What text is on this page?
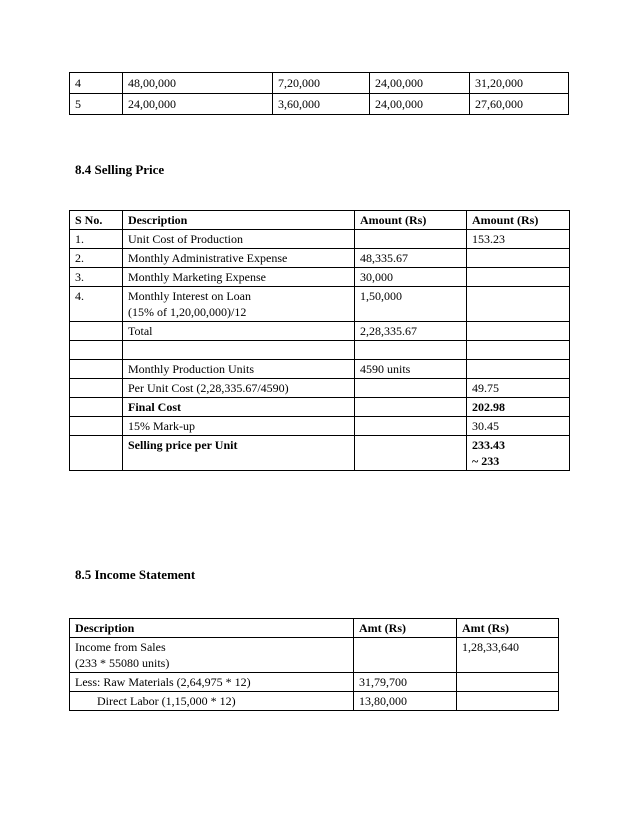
4	48,00,000	7,20,000	24,00,000	31,20,000
5	24,00,000	3,60,000	24,00,000	27,60,000

8.4 Selling Price

S No.	Description	Amount (Rs)	Amount (Rs)
1.	Unit Cost of Production		153.23
2.	Monthly Administrative Expense	48,335.67	
3.	Monthly Marketing Expense	30,000	
4.	Monthly Interest on Loan
(15% of 1,20,00,000)/12	1,50,000	
	Total	2,28,335.67	

	Monthly Production Units	4590 units	
	Per Unit Cost (2,28,335.67/4590)		49.75
	Final Cost		202.98
	15% Mark-up		30.45
	Selling price per Unit		233.43
~ 233

8.5 Income Statement

Description	Amt (Rs)	Amt (Rs)

Income from Sales
(233 * 55080 units)		1,28,33,640
Less: Raw Materials (2,64,975 * 12)	31,79,700	
Direct Labor (1,15,000 * 12)	13,80,000	
